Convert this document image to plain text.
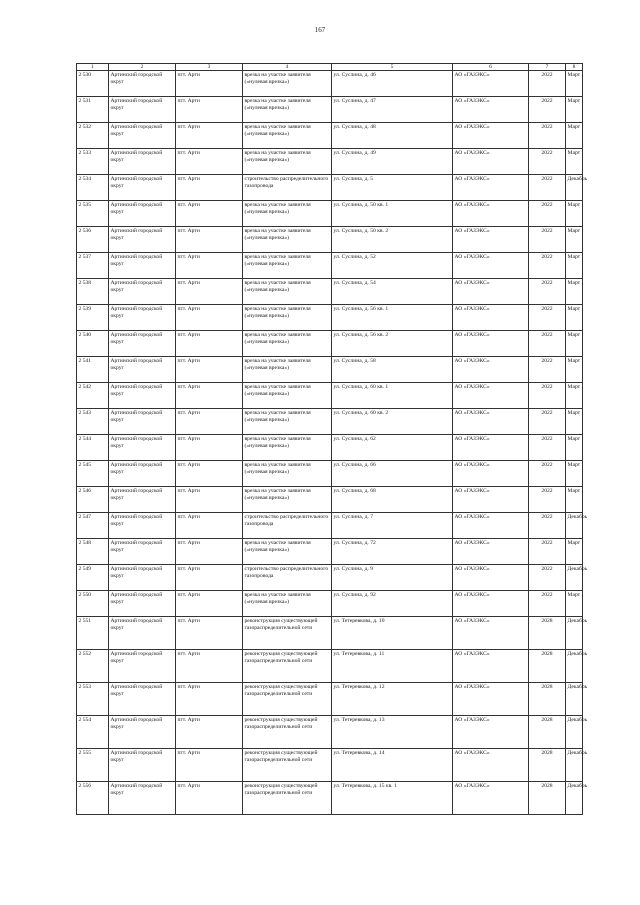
167
1	2	3	4	5	6	7	8
2 530	Артинский городской округ	пгт. Арти	врезка на участке заявителя («нулевая врезка»)	ул. Суслина, д. 46	АО «ГАЗЭКС»	2022	Март
2 531	Артинский городской округ	пгт. Арти	врезка на участке заявителя («нулевая врезка»)	ул. Суслина, д. 47	АО «ГАЗЭКС»	2022	Март
2 532	Артинский городской округ	пгт. Арти	врезка на участке заявителя («нулевая врезка»)	ул. Суслина, д. 48	АО «ГАЗЭКС»	2022	Март
2 533	Артинский городской округ	пгт. Арти	врезка на участке заявителя («нулевая врезка»)	ул. Суслина, д. 49	АО «ГАЗЭКС»	2022	Март
2 534	Артинский городской округ	пгт. Арти	строительство распределительного газопровода	ул. Суслина, д. 5	АО «ГАЗЭКС»	2022	Декабрь
2 535	Артинский городской округ	пгт. Арти	врезка на участке заявителя («нулевая врезка»)	ул. Суслина, д. 50 кв. 1	АО «ГАЗЭКС»	2022	Март
2 536	Артинский городской округ	пгт. Арти	врезка на участке заявителя («нулевая врезка»)	ул. Суслина, д. 50 кв. 2	АО «ГАЗЭКС»	2022	Март
2 537	Артинский городской округ	пгт. Арти	врезка на участке заявителя («нулевая врезка»)	ул. Суслина, д. 52	АО «ГАЗЭКС»	2022	Март
2 538	Артинский городской округ	пгт. Арти	врезка на участке заявителя («нулевая врезка»)	ул. Суслина, д. 54	АО «ГАЗЭКС»	2022	Март
2 539	Артинский городской округ	пгт. Арти	врезка на участке заявителя («нулевая врезка»)	ул. Суслина, д. 56 кв. 1	АО «ГАЗЭКС»	2022	Март
2 540	Артинский городской округ	пгт. Арти	врезка на участке заявителя («нулевая врезка»)	ул. Суслина, д. 56 кв. 2	АО «ГАЗЭКС»	2022	Март
2 541	Артинский городской округ	пгт. Арти	врезка на участке заявителя («нулевая врезка»)	ул. Суслина, д. 58	АО «ГАЗЭКС»	2022	Март
2 542	Артинский городской округ	пгт. Арти	врезка на участке заявителя («нулевая врезка»)	ул. Суслина, д. 60 кв. 1	АО «ГАЗЭКС»	2022	Март
2 543	Артинский городской округ	пгт. Арти	врезка на участке заявителя («нулевая врезка»)	ул. Суслина, д. 60 кв. 2	АО «ГАЗЭКС»	2022	Март
2 544	Артинский городской округ	пгт. Арти	врезка на участке заявителя («нулевая врезка»)	ул. Суслина, д. 62	АО «ГАЗЭКС»	2022	Март
2 545	Артинский городской округ	пгт. Арти	врезка на участке заявителя («нулевая врезка»)	ул. Суслина, д. 66	АО «ГАЗЭКС»	2022	Март
2 546	Артинский городской округ	пгт. Арти	врезка на участке заявителя («нулевая врезка»)	ул. Суслина, д. 68	АО «ГАЗЭКС»	2022	Март
2 547	Артинский городской округ	пгт. Арти	строительство распределительного газопровода	ул. Суслина, д. 7	АО «ГАЗЭКС»	2022	Декабрь
2 548	Артинский городской округ	пгт. Арти	врезка на участке заявителя («нулевая врезка»)	ул. Суслина, д. 72	АО «ГАЗЭКС»	2022	Март
2 549	Артинский городской округ	пгт. Арти	строительство распределительного газопровода	ул. Суслина, д. 9	АО «ГАЗЭКС»	2022	Декабрь
2 550	Артинский городской округ	пгт. Арти	врезка на участке заявителя («нулевая врезка»)	ул. Суслина, д. 92	АО «ГАЗЭКС»	2022	Март
2 551	Артинский городской округ	пгт. Арти	реконструкция существующей газораспределительной сети	ул. Тетеревкова, д. 10	АО «ГАЗЭКС»	2028	Декабрь
2 552	Артинский городской округ	пгт. Арти	реконструкция существующей газораспределительной сети	ул. Тетеревкова, д. 11	АО «ГАЗЭКС»	2028	Декабрь
2 553	Артинский городской округ	пгт. Арти	реконструкция существующей газораспределительной сети	ул. Тетеревкова, д. 12	АО «ГАЗЭКС»	2028	Декабрь
2 554	Артинский городской округ	пгт. Арти	реконструкция существующей газораспределительной сети	ул. Тетеревкова, д. 13	АО «ГАЗЭКС»	2028	Декабрь
2 555	Артинский городской округ	пгт. Арти	реконструкция существующей газораспределительной сети	ул. Тетеревкова, д. 14	АО «ГАЗЭКС»	2028	Декабрь
2 556	Артинский городской округ	пгт. Арти	реконструкция существующей газораспределительной сети	ул. Тетеревкова, д. 15 кв. 1	АО «ГАЗЭКС»	2028	Декабрь
